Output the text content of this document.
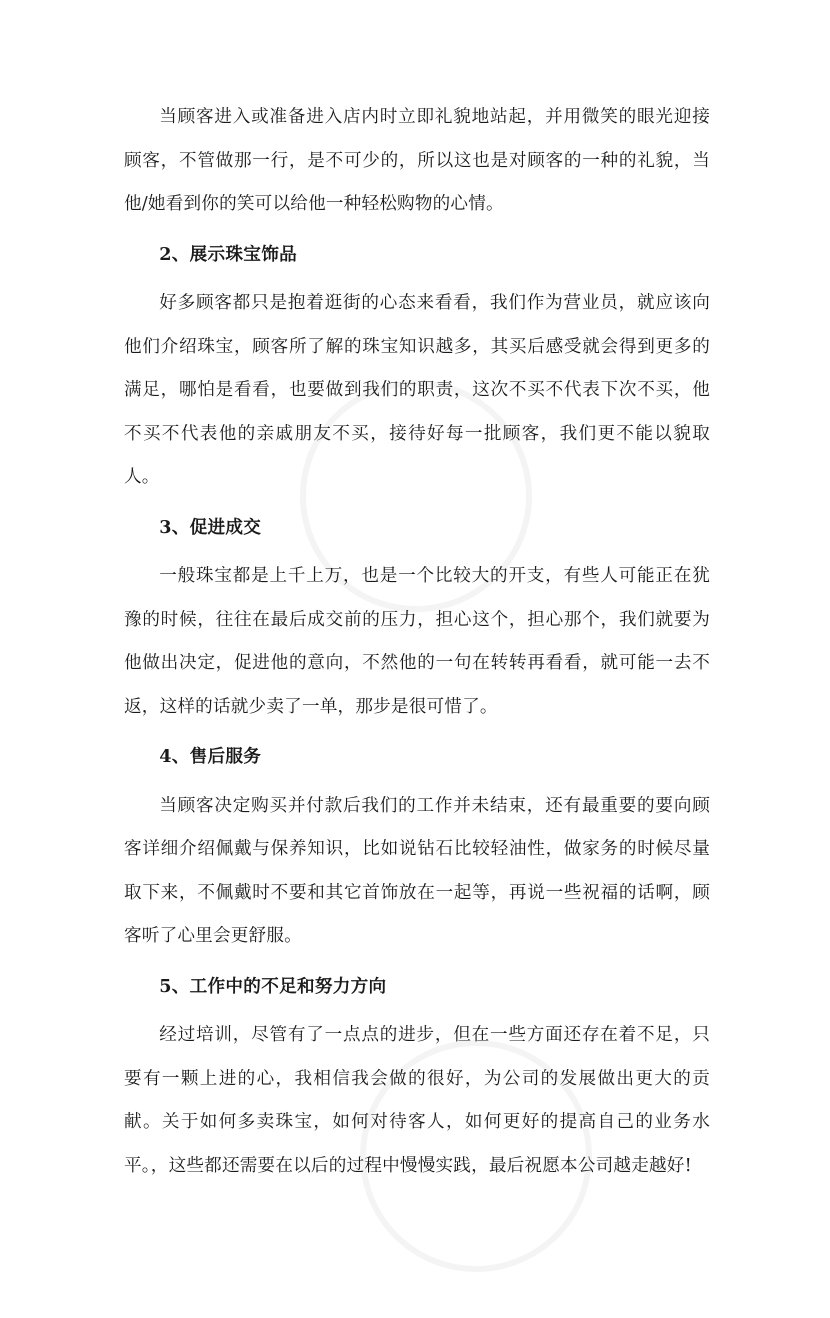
当顾客进入或准备进入店内时立即礼貌地站起，并用微笑的眼光迎接顾客，不管做那一行，是不可少的，所以这也是对顾客的一种的礼貌，当他/她看到你的笑可以给他一种轻松购物的心情。

2、展示珠宝饰品

好多顾客都只是抱着逛街的心态来看看，我们作为营业员，就应该向他们介绍珠宝，顾客所了解的珠宝知识越多，其买后感受就会得到更多的满足，哪怕是看看，也要做到我们的职责，这次不买不代表下次不买，他不买不代表他的亲戚朋友不买，接待好每一批顾客，我们更不能以貌取人。

3、促进成交

一般珠宝都是上千上万，也是一个比较大的开支，有些人可能正在犹豫的时候，往往在最后成交前的压力，担心这个，担心那个，我们就要为他做出决定，促进他的意向，不然他的一句在转转再看看，就可能一去不返，这样的话就少卖了一单，那步是很可惜了。

4、售后服务

当顾客决定购买并付款后我们的工作并未结束，还有最重要的要向顾客详细介绍佩戴与保养知识，比如说钻石比较轻油性，做家务的时候尽量取下来，不佩戴时不要和其它首饰放在一起等，再说一些祝福的话啊，顾客听了心里会更舒服。

5、工作中的不足和努力方向

经过培训，尽管有了一点点的进步，但在一些方面还存在着不足，只要有一颗上进的心，我相信我会做的很好，为公司的发展做出更大的贡献。关于如何多卖珠宝，如何对待客人，如何更好的提高自己的业务水平。，这些都还需要在以后的过程中慢慢实践，最后祝愿本公司越走越好!
